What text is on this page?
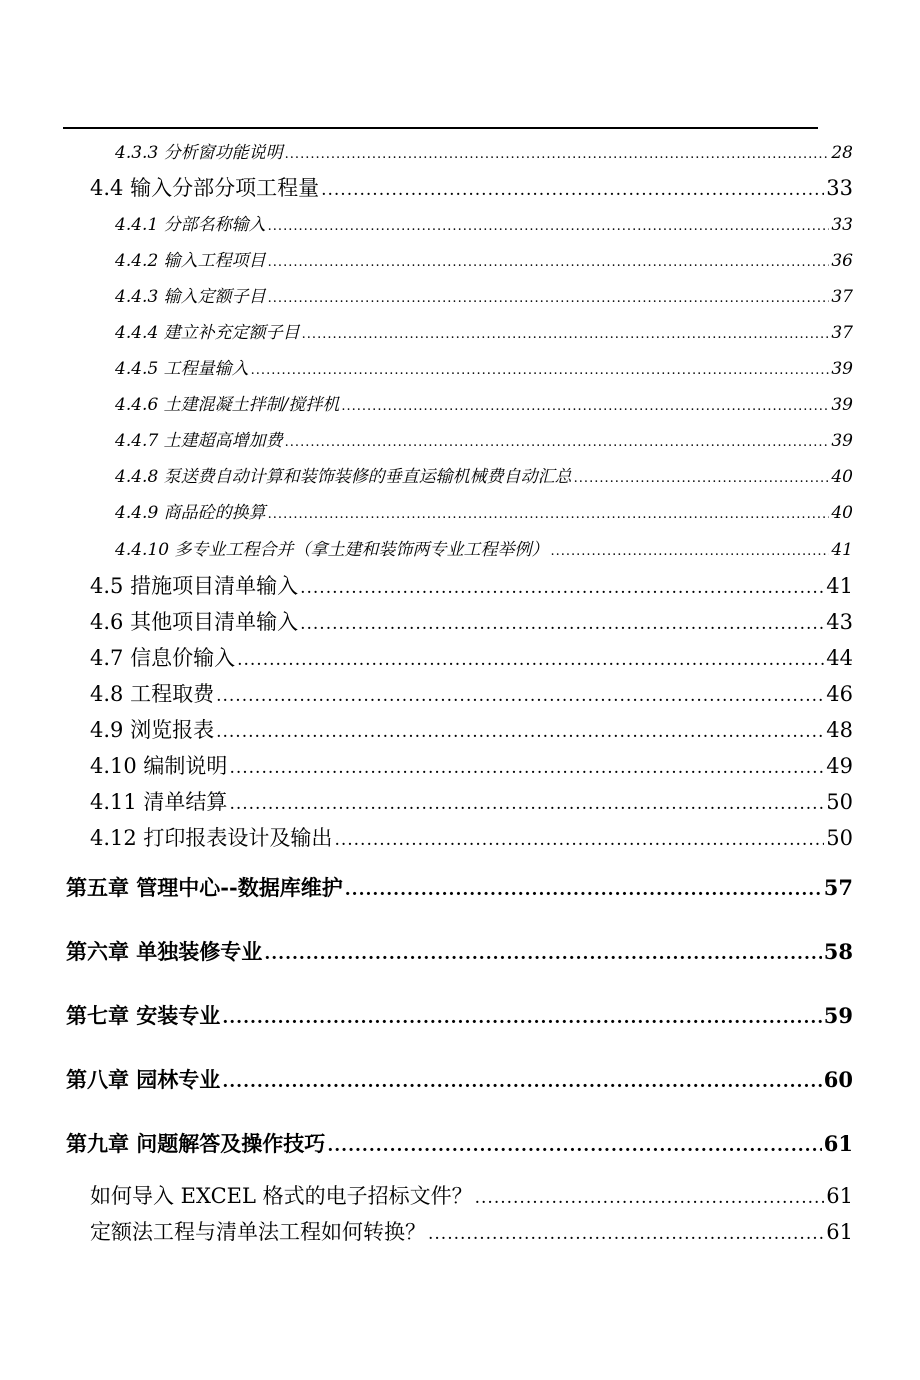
4.3.3 分析窗功能说明 .....	28
4.4 输入分部分项工程量 .....	33
4.4.1 分部名称输入 .....	33
4.4.2 输入工程项目 .....	36
4.4.3 输入定额子目 .....	37
4.4.4 建立补充定额子目 .....	37
4.4.5 工程量输入 .....	39
4.4.6 土建混凝土拌制/搅拌机 .....	39
4.4.7 土建超高增加费 .....	39
4.4.8 泵送费自动计算和装饰装修的垂直运输机械费自动汇总 .....	40
4.4.9 商品砼的换算 .....	40
4.4.10 多专业工程合并（拿土建和装饰两专业工程举例） .....	41
4.5 措施项目清单输入 .....	41
4.6 其他项目清单输入 .....	43
4.7 信息价输入 .....	44
4.8 工程取费 .....	46
4.9 浏览报表 .....	48
4.10 编制说明 .....	49
4.11 清单结算 .....	50
4.12 打印报表设计及输出 .....	50
第五章 管理中心--数据库维护 .....	57
第六章 单独装修专业 .....	58
第七章 安装专业 .....	59
第八章 园林专业 .....	60
第九章 问题解答及操作技巧 .....	61
如何导入 EXCEL 格式的电子招标文件？ .....	61
定额法工程与清单法工程如何转换？ .....	61
